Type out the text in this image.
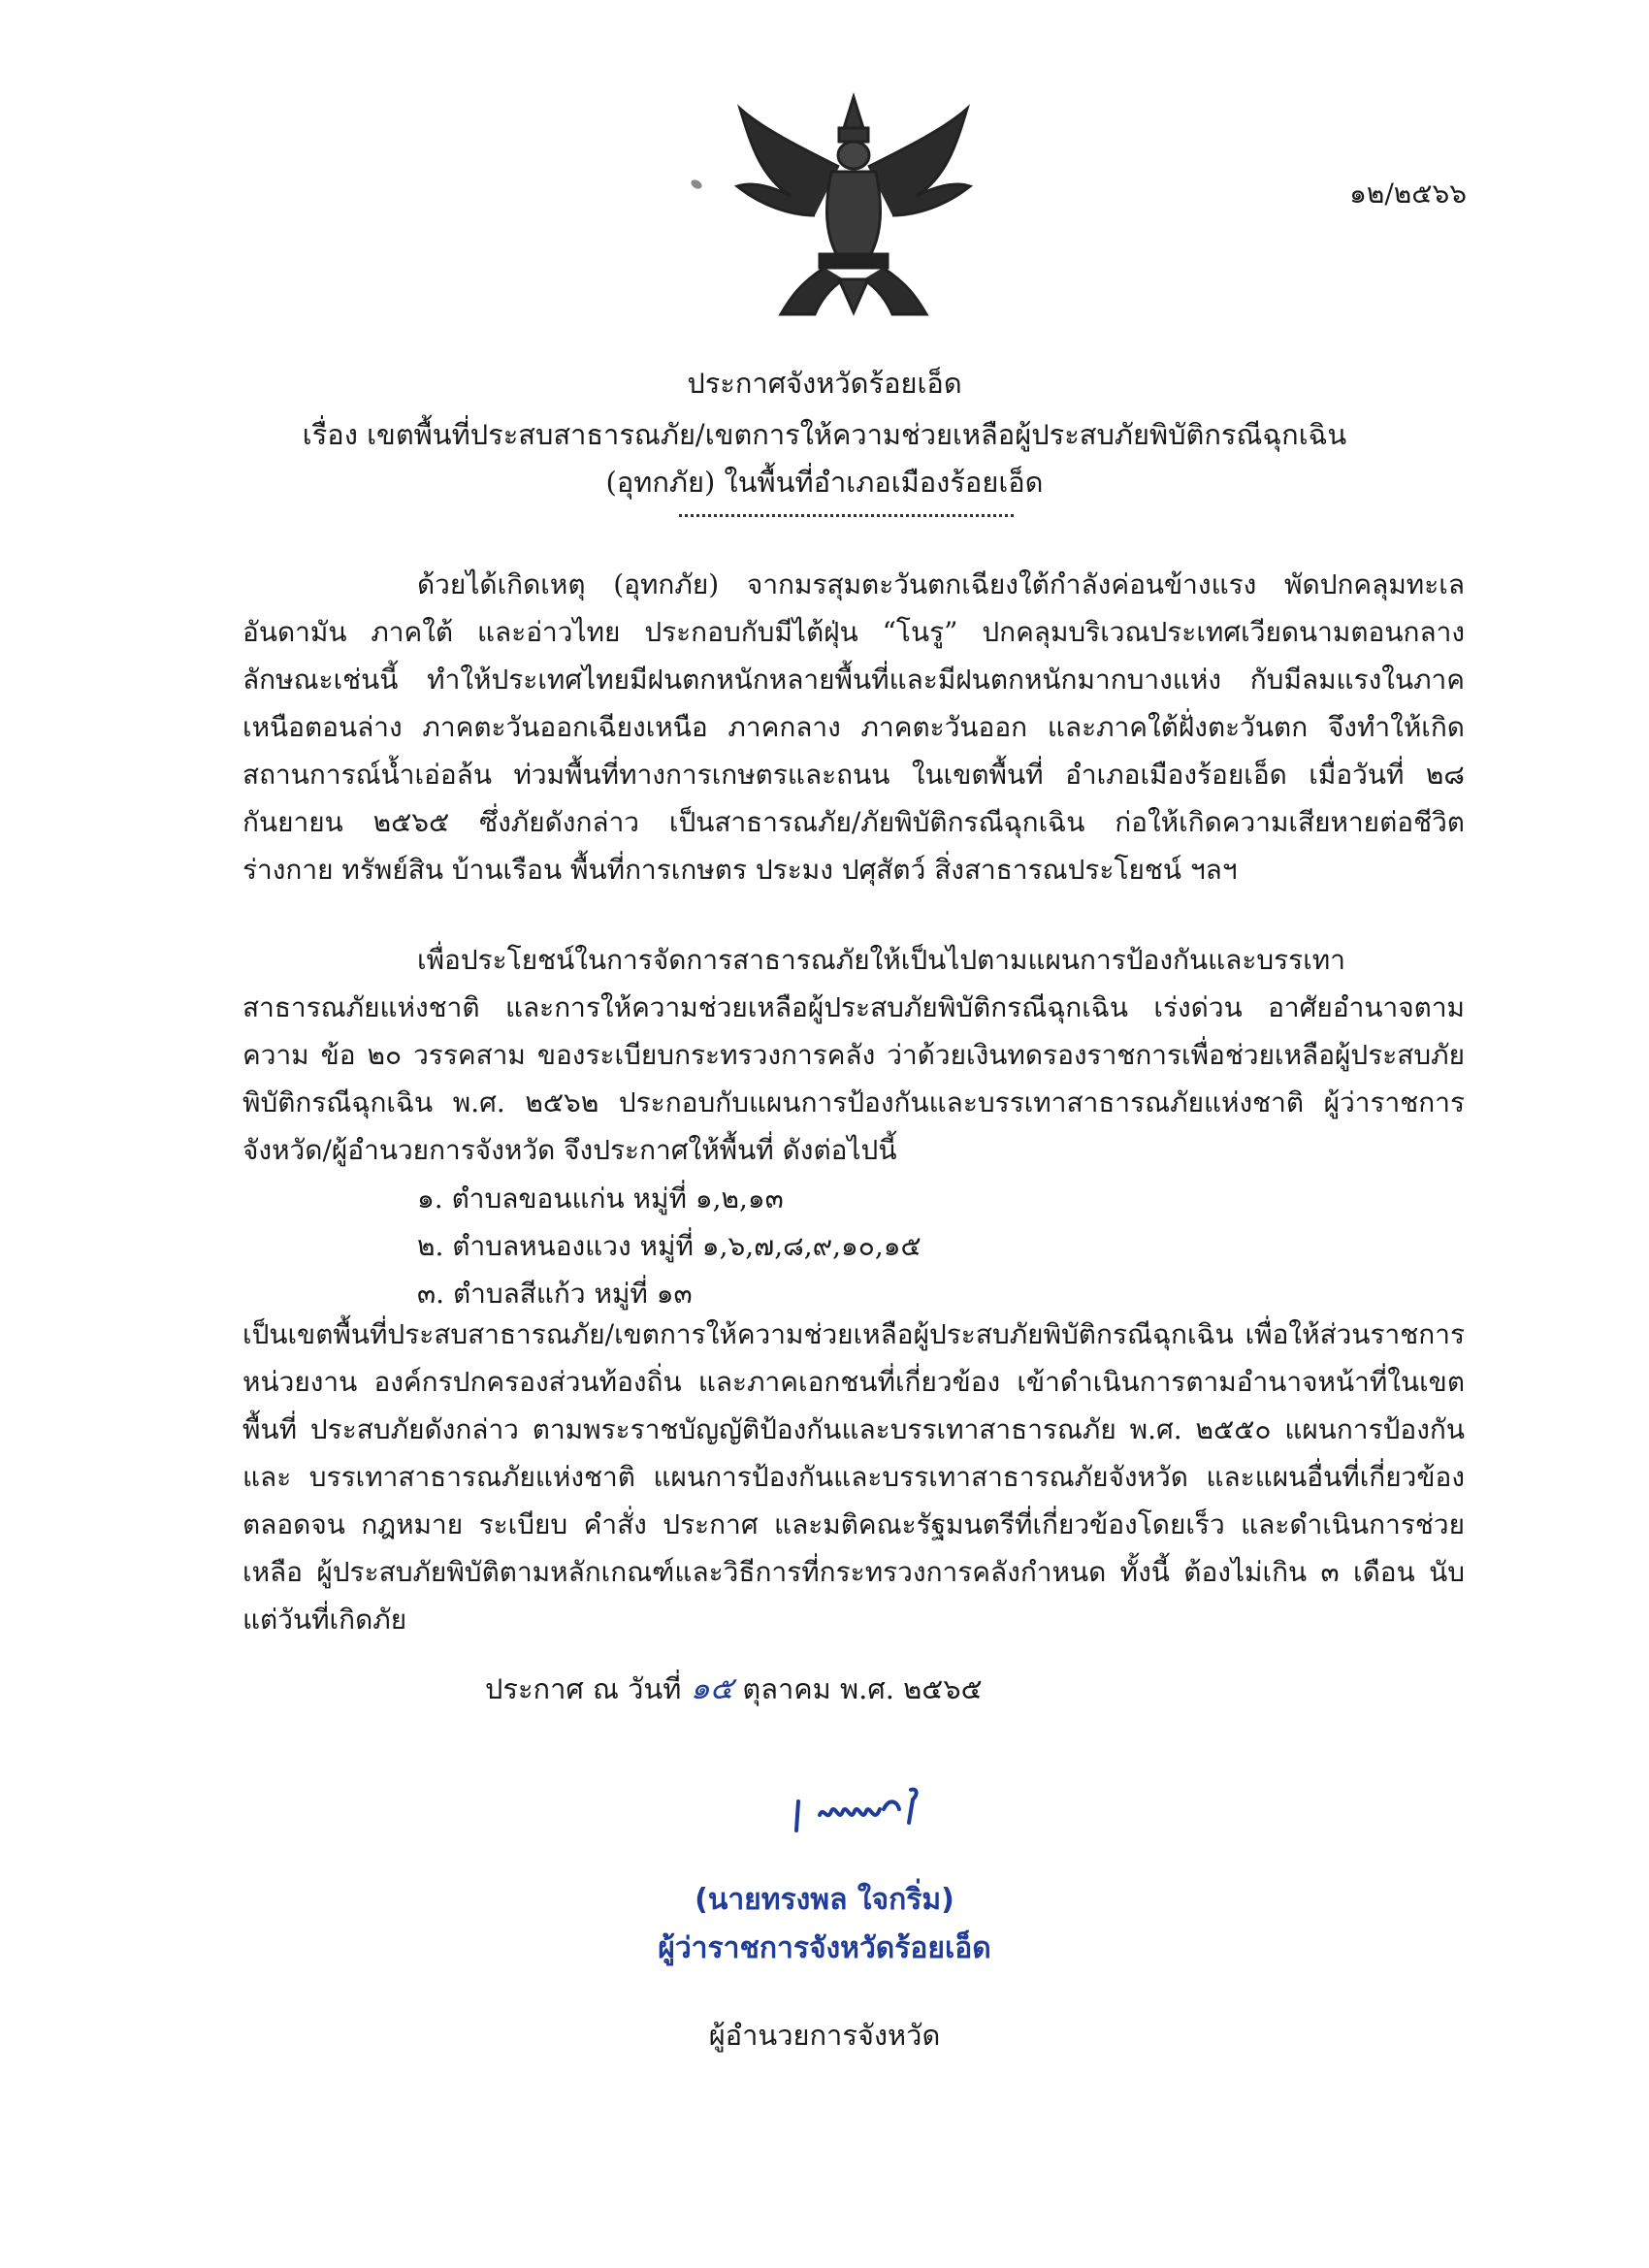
๑๒/๒๕๖๖
ประกาศจังหวัดร้อยเอ็ด
เรื่อง เขตพื้นที่ประสบสาธารณภัย/เขตการให้ความช่วยเหลือผู้ประสบภัยพิบัติกรณีฉุกเฉิน
(อุทกภัย) ในพื้นที่อำเภอเมืองร้อยเอ็ด

ด้วยได้เกิดเหตุ (อุทกภัย) จากมรสุมตะวันตกเฉียงใต้กำลังค่อนข้างแรง พัดปกคลุมทะเลอันดามัน ภาคใต้ และอ่าวไทย ประกอบกับมีไต้ฝุ่น “โนรู” ปกคลุมบริเวณประเทศเวียดนามตอนกลาง ลักษณะเช่นนี้ ทำให้ประเทศไทยมีฝนตกหนักหลายพื้นที่และมีฝนตกหนักมากบางแห่ง กับมีลมแรงในภาคเหนือตอนล่าง ภาคตะวันออกเฉียงเหนือ ภาคกลาง ภาคตะวันออก และภาคใต้ฝั่งตะวันตก จึงทำให้เกิดสถานการณ์น้ำเอ่อล้น ท่วมพื้นที่ทางการเกษตรและถนน ในเขตพื้นที่ อำเภอเมืองร้อยเอ็ด เมื่อวันที่ ๒๘ กันยายน ๒๕๖๕ ซึ่งภัยดังกล่าว เป็นสาธารณภัย/ภัยพิบัติกรณีฉุกเฉิน ก่อให้เกิดความเสียหายต่อชีวิต ร่างกาย ทรัพย์สิน บ้านเรือน พื้นที่การเกษตร ประมง ปศุสัตว์ สิ่งสาธารณประโยชน์ ฯลฯ

เพื่อประโยชน์ในการจัดการสาธารณภัยให้เป็นไปตามแผนการป้องกันและบรรเทาสาธารณภัยแห่งชาติ และการให้ความช่วยเหลือผู้ประสบภัยพิบัติกรณีฉุกเฉิน เร่งด่วน อาศัยอำนาจตามความ ข้อ ๒๐ วรรคสาม ของระเบียบกระทรวงการคลัง ว่าด้วยเงินทดรองราชการเพื่อช่วยเหลือผู้ประสบภัยพิบัติกรณีฉุกเฉิน พ.ศ. ๒๕๖๒ ประกอบกับแผนการป้องกันและบรรเทาสาธารณภัยแห่งชาติ ผู้ว่าราชการจังหวัด/ผู้อำนวยการจังหวัด จึงประกาศให้พื้นที่ ดังต่อไปนี้

๑. ตำบลขอนแก่น หมู่ที่ ๑,๒,๑๓
๒. ตำบลหนองแวง หมู่ที่ ๑,๖,๗,๘,๙,๑๐,๑๕
๓. ตำบลสีแก้ว หมู่ที่ ๑๓

เป็นเขตพื้นที่ประสบสาธารณภัย/เขตการให้ความช่วยเหลือผู้ประสบภัยพิบัติกรณีฉุกเฉิน เพื่อให้ส่วนราชการ หน่วยงาน องค์กรปกครองส่วนท้องถิ่น และภาคเอกชนที่เกี่ยวข้อง เข้าดำเนินการตามอำนาจหน้าที่ในเขตพื้นที่ ประสบภัยดังกล่าว ตามพระราชบัญญัติป้องกันและบรรเทาสาธารณภัย พ.ศ. ๒๕๕๐ แผนการป้องกันและ บรรเทาสาธารณภัยแห่งชาติ แผนการป้องกันและบรรเทาสาธารณภัยจังหวัด และแผนอื่นที่เกี่ยวข้อง ตลอดจน กฎหมาย ระเบียบ คำสั่ง ประกาศ และมติคณะรัฐมนตรีที่เกี่ยวข้องโดยเร็ว และดำเนินการช่วยเหลือ ผู้ประสบภัยพิบัติตามหลักเกณฑ์และวิธีการที่กระทรวงการคลังกำหนด ทั้งนี้ ต้องไม่เกิน ๓ เดือน นับแต่วันที่เกิดภัย

ประกาศ ณ วันที่ ๑๕ ตุลาคม พ.ศ. ๒๕๖๕
(นายทรงพล ใจกริ่ม)
ผู้ว่าราชการจังหวัดร้อยเอ็ด
ผู้อำนวยการจังหวัด
